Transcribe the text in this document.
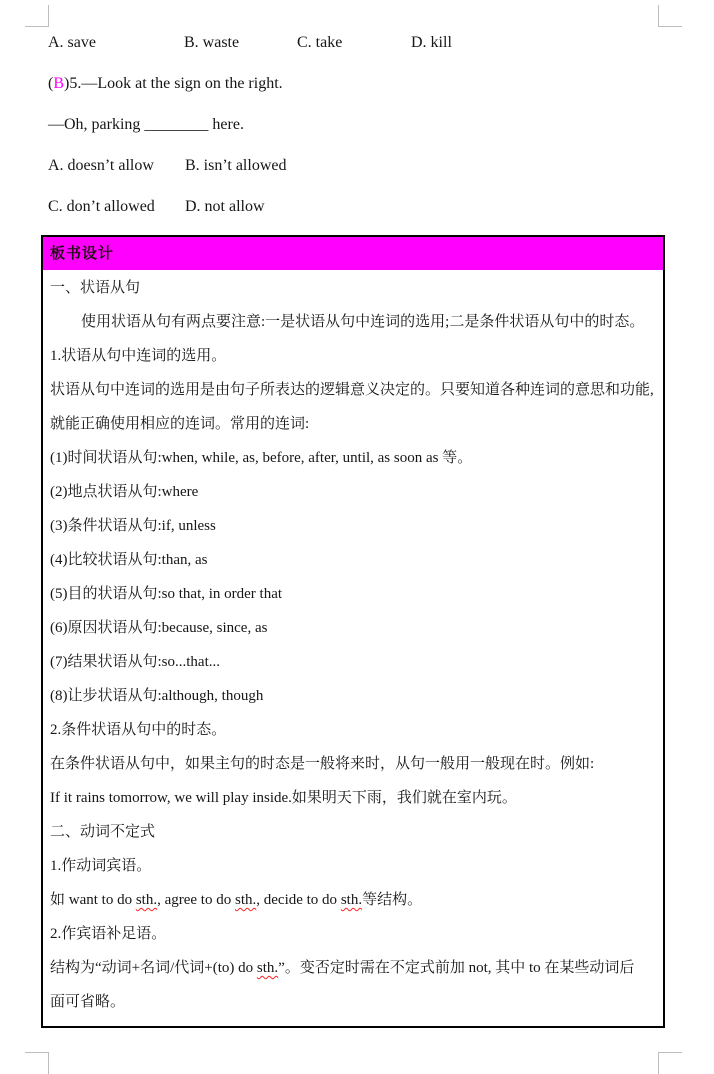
A. save	B. waste	C. take	D. kill
(B)5.—Look at the sign on the right.
—Oh, parking ________ here.
A. doesn’t allow B. isn’t allowed
C. don’t allowed D. not allow
板书设计
一、状语从句
使用状语从句有两点要注意:一是状语从句中连词的选用;二是条件状语从句中的时态。
1.状语从句中连词的选用。
状语从句中连词的选用是由句子所表达的逻辑意义决定的。只要知道各种连词的意思和功能,
就能正确使用相应的连词。常用的连词:
(1)时间状语从句:when, while, as, before, after, until, as soon as 等。
(2)地点状语从句:where
(3)条件状语从句:if, unless
(4)比较状语从句:than, as
(5)目的状语从句:so that, in order that
(6)原因状语从句:because, since, as
(7)结果状语从句:so...that...
(8)让步状语从句:although, though
2.条件状语从句中的时态。
在条件状语从句中，如果主句的时态是一般将来时，从句一般用一般现在时。例如:
If it rains tomorrow, we will play inside.如果明天下雨，我们就在室内玩。
二、动词不定式
1.作动词宾语。
如 want to do sth., agree to do sth., decide to do sth.等结构。
2.作宾语补足语。
结构为“动词+名词/代词+(to) do sth.”。变否定时需在不定式前加 not, 其中 to 在某些动词后
面可省略。
